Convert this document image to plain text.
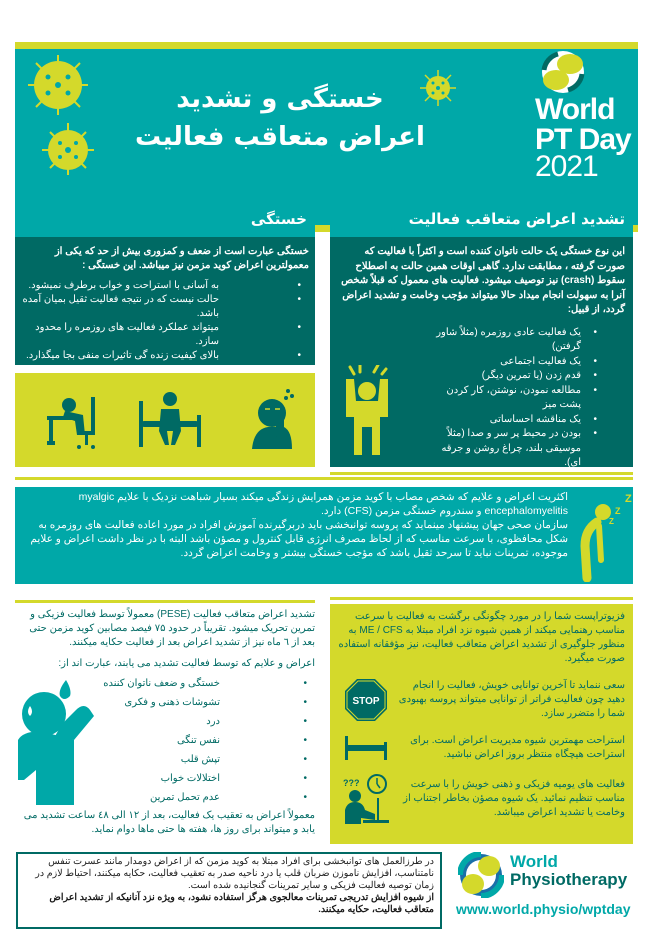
خستگی و تشدید
اعراض متعاقب فعالیت
World
PT Day
2021
خستگی

خستگی عبارت است از ضعف و کمزوری بیش از حد که یکی از معمولترین اعراض کوید مزمن نیز میباشد. این خستگی :

• به آسانی با استراحت و خواب برطرف نمیشود.
• حالت نیست که در نتیجه فعالیت ثقیل بمیان آمده باشد.
• میتواند عملکرد فعالیت های روزمره را محدود سازد.
• بالای کیفیت زنده گی تاثیرات منفی بجا میگذارد.
تشدید اعراض متعاقب فعالیت

این نوع خستگی یک حالت ناتوان کننده است و اکثراً با فعالیت که صورت گرفته ، مطابقت ندارد. گاهی اوقات همین حالت به اصطلاح سقوط (crash) نیز توصیف میشود. فعالیت های معمول که قبلاً شخص آنرا به سهولت انجام میداد حالا میتواند مؤجب وخامت و تشدید اعراض گردد، از قبیل:

• یک فعالیت عادی روزمره (مثلاً شاور گرفتن)
• یک فعالیت اجتماعی
• قدم زدن (یا تمرین دیگر)
• مطالعه نمودن، نوشتن، کار کردن پشت میز
• یک مناقشه احساساتی
• بودن در محیط پر سر و صدا (مثلاً موسیقی بلند، چراغ روشن و جرقه ای).
اکثریت اعراض و علایم که شخص مصاب با کوید مزمن همرایش زندگی میکند بسیار شباهت نزدیک با علایم myalgic encephalomyelitis و سندروم خستگی مزمن (CFS) دارد.
سازمان صحی جهان پیشنهاد مینماید که پروسه توانبخشی باید دربرگیرنده آموزش افراد در مورد اعاده فعالیت های روزمره به شکل محافظوی، با سرعت مناسب که از لحاظ مصرف انرژی قابل کنترول و مصؤن باشد البته با در نظر داشت اعراض و علایم موجوده، تمرینات نباید تا سرحد ثقیل باشد که مؤجب خستگی بیشتر و وخامت اعراض گردد.
Z
Z
Z

تشدید اعراض متعاقب فعالیت (PESE) معمولاً توسط فعالیت فزیکی و تمرین تحریک میشود. تقریباً در حدود ۷۵ فیصد مصابین کوید مزمن حتی بعد از ٦ ماه نیز از تشدید اعراض بعد از فعالیت حکایه میکنند.

اعراض و علایم که توسط فعالیت تشدید می یابند، عبارت اند از:

• خستگی و ضعف ناتوان کننده
• تشوشات ذهنی و فکری
• درد
• نفس تنگی
• تپش قلب
• اختلالات خواب
• عدم تحمل تمرین

معمولاً اعراض به تعقیب یک فعالیت، بعد از ۱۲ الی ٤٨ ساعت تشدید می یابد و میتواند برای روز ها، هفته ها حتی ماها دوام نماید.

فزیوتراپست شما را در مورد چگونگی برگشت به فعالیت با سرعت مناسب رهنمایی میکند از همین شیوه نزد افراد مبتلا به ME / CFS به منظور جلوگیری از تشدید اعراض متعاقب فعالیت، نیز مؤفقانه استفاده صورت میگیرد.
سعی ننماید تا آخرین توانایی خویش، فعالیت را انجام دهید چون فعالیت فراتر از توانایی میتواند پروسه بهبودی شما را متضرر سازد.
STOP
استراحت مهمترین شیوه مدیریت اعراض است. برای استراحت هیچگاه منتظر بروز اعراض نباشید.
فعالیت های یومیه فزیکی و ذهنی خویش را با سرعت مناسب تنظیم نمائید. یک شیوه مصؤن بخاطر اجتناب از وخامت یا تشدید اعراض میباشد.
???
در طرزالعمل های توانبخشی برای افراد مبتلا به کوید مزمن که از اعراض دومدار مانند عسرت تنفس نامتناسب، افزایش ناموزن ضربان قلب یا درد ناحیه صدر به تعقیب فعالیت، حکایه میکنند، احتیاط لازم در زمان توصیه فعالیت فزیکی و سایر تمرینات گنجانیده شده است.
از شیوه افزایش تدریجی تمرینات معالجوی هرگز استفاده نشود، به ویژه نزد آنانیکه از تشدید اعراض متعاقب فعالیت، حکایه میکنند.
World
Physiotherapy
www.world.physio/wptday
